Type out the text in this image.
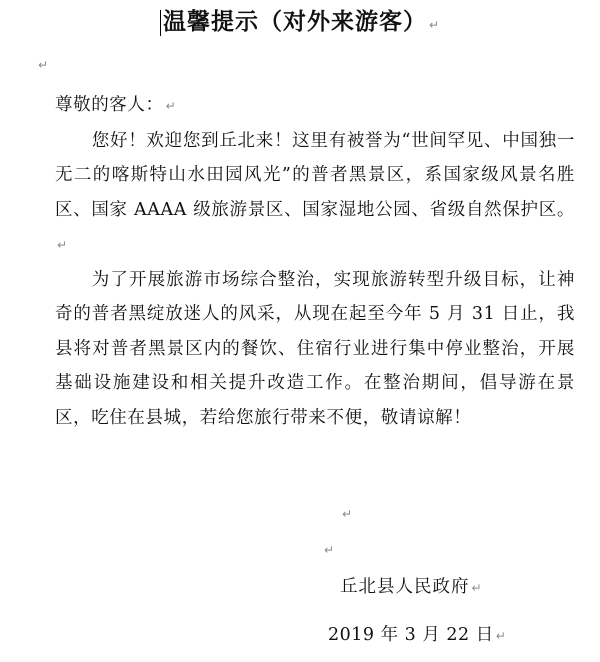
温馨提示（对外来游客） ↵
↵

尊敬的客人： ↵

您好！欢迎您到丘北来！这里有被誉为“世间罕见、中国独一无二的喀斯特山水田园风光”的普者黑景区，系国家级风景名胜区、国家 AAAA 级旅游景区、国家湿地公园、省级自然保护区。↵

为了开展旅游市场综合整治，实现旅游转型升级目标，让神奇的普者黑绽放迷人的风采，从现在起至今年 5 月 31 日止，我县将对普者黑景区内的餐饮、住宿行业进行集中停业整治，开展基础设施建设和相关提升改造工作。在整治期间，倡导游在景区，吃住在县城，若给您旅行带来不便，敬请谅解！

↵
↵
丘北县人民政府 ↵
2019 年 3 月 22 日 ↵
